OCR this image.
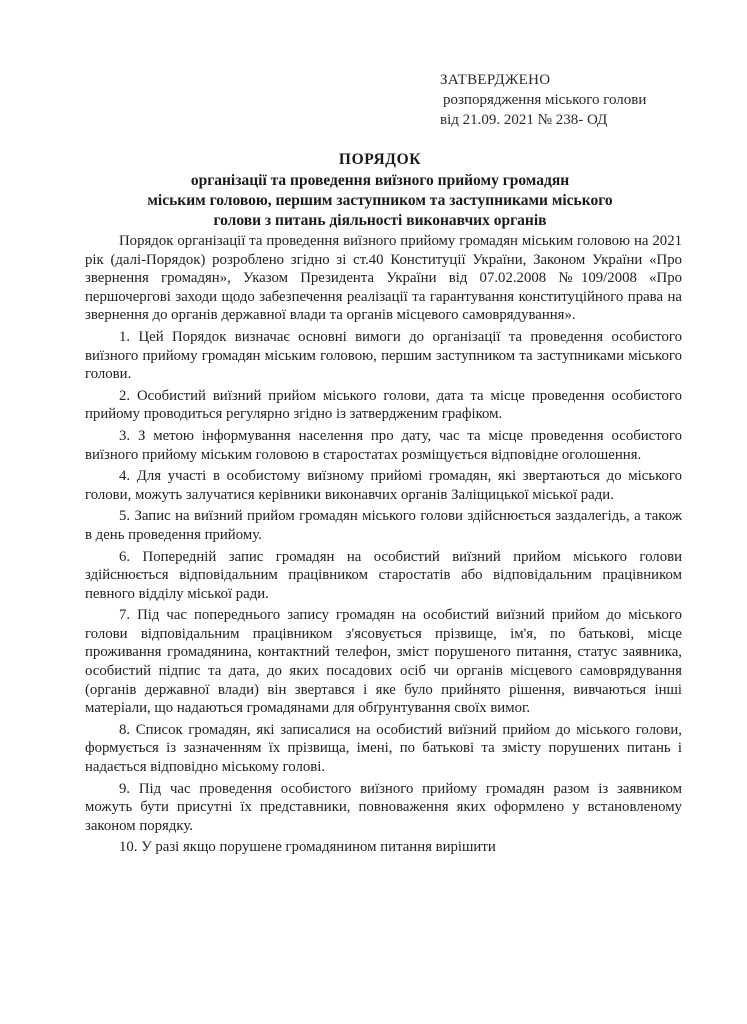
ЗАТВЕРДЖЕНО
розпорядження міського голови
від 21.09. 2021 № 238- ОД
ПОРЯДОК
організації та проведення виїзного прийому громадян
міським головою, першим заступником та заступниками міського
голови з питань діяльності виконавчих органів

Порядок організації та проведення виїзного прийому громадян міським головою на 2021 рік (далі-Порядок) розроблено згідно зі ст.40 Конституції України, Законом України «Про звернення громадян», Указом Президента України від 07.02.2008 №109/2008 «Про першочергові заходи щодо забезпечення реалізації та гарантування конституційного права на звернення до органів державної влади та органів місцевого самоврядування».

1. Цей Порядок визначає основні вимоги до організації та проведення особистого виїзного прийому громадян міським головою, першим заступником та заступниками міського голови.

2. Особистий виїзний прийом міського голови, дата та місце проведення особистого прийому проводиться регулярно згідно із затвердженим графіком.

3. З метою інформування населення про дату, час та місце проведення особистого виїзного прийому міським головою в старостатах розміщується відповідне оголошення.

4. Для участі в особистому виїзному прийомі громадян, які звертаються до міського голови, можуть залучатися керівники виконавчих органів Заліщицької міської ради.

5. Запис на виїзний прийом громадян міського голови здійснюється заздалегідь, а також в день проведення прийому.

6. Попередній запис громадян на особистий виїзний прийом міського голови здійснюється відповідальним працівником старостатів або відповідальним працівником певного відділу міської ради.

7. Під час попереднього запису громадян на особистий виїзний прийом до міського голови відповідальним працівником з'ясовується прізвище, ім'я, по батькові, місце проживання громадянина, контактний телефон, зміст порушеного питання, статус заявника, особистий підпис та дата, до яких посадових осіб чи органів місцевого самоврядування (органів державної влади) він звертався і яке було прийнято рішення, вивчаються інші матеріали, що надаються громадянами для обґрунтування своїх вимог.

8. Список громадян, які записалися на особистий виїзний прийом до міського голови, формується із зазначенням їх прізвища, імені, по батькові та змісту порушених питань і надається відповідно міському голові.

9. Під час проведення особистого виїзного прийому громадян разом із заявником можуть бути присутні їх представники, повноваження яких оформлено у встановленому законом порядку.

10. У разі якщо порушене громадянином питання вирішити
